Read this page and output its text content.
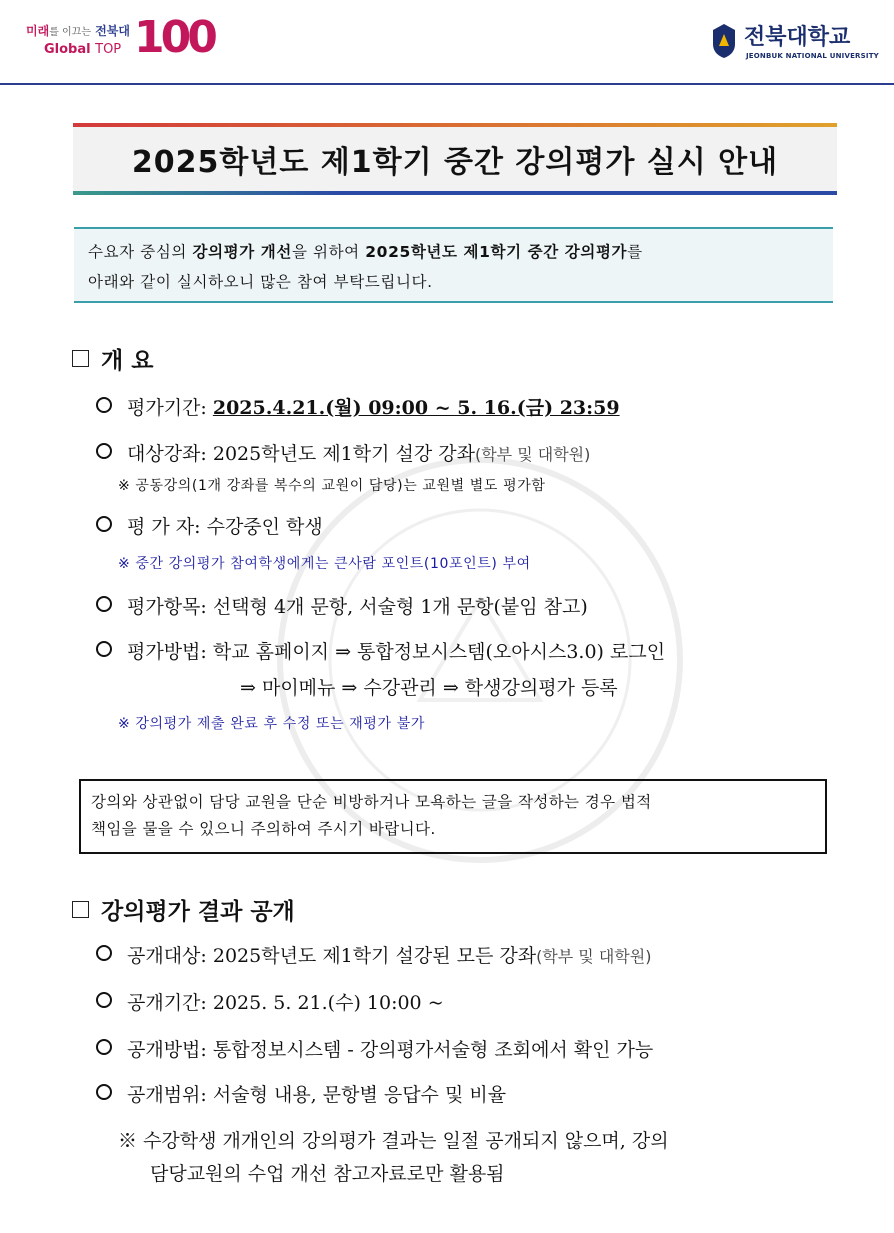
미래를 이끄는 전북대
Global TOP 100	전북대학교
JEONBUK NATIONAL UNIVERSITY
2025학년도 제1학기 중간 강의평가 실시 안내
수요자 중심의 강의평가 개선을 위하여 2025학년도 제1학기 중간 강의평가를
아래와 같이 실시하오니 많은 참여 부탁드립니다.
개 요
평가기간: 2025.4.21.(월) 09:00 ~ 5. 16.(금) 23:59
대상강좌: 2025학년도 제1학기 설강 강좌(학부 및 대학원)
※ 공동강의(1개 강좌를 복수의 교원이 담당)는 교원별 별도 평가함
평 가 자: 수강중인 학생
※ 중간 강의평가 참여학생에게는 큰사람 포인트(10포인트) 부여
평가항목: 선택형 4개 문항, 서술형 1개 문항(붙임 참고)
평가방법: 학교 홈페이지 ⇒ 통합정보시스템(오아시스3.0) 로그인
⇒ 마이메뉴 ⇒ 수강관리 ⇒ 학생강의평가 등록
※ 강의평가 제출 완료 후 수정 또는 재평가 불가
강의와 상관없이 담당 교원을 단순 비방하거나 모욕하는 글을 작성하는 경우 법적
책임을 물을 수 있으니 주의하여 주시기 바랍니다.
강의평가 결과 공개
공개대상: 2025학년도 제1학기 설강된 모든 강좌(학부 및 대학원)
공개기간: 2025. 5. 21.(수) 10:00 ~
공개방법: 통합정보시스템 - 강의평가서술형 조회에서 확인 가능
공개범위: 서술형 내용, 문항별 응답수 및 비율
※ 수강학생 개개인의 강의평가 결과는 일절 공개되지 않으며, 강의
담당교원의 수업 개선 참고자료로만 활용됨
